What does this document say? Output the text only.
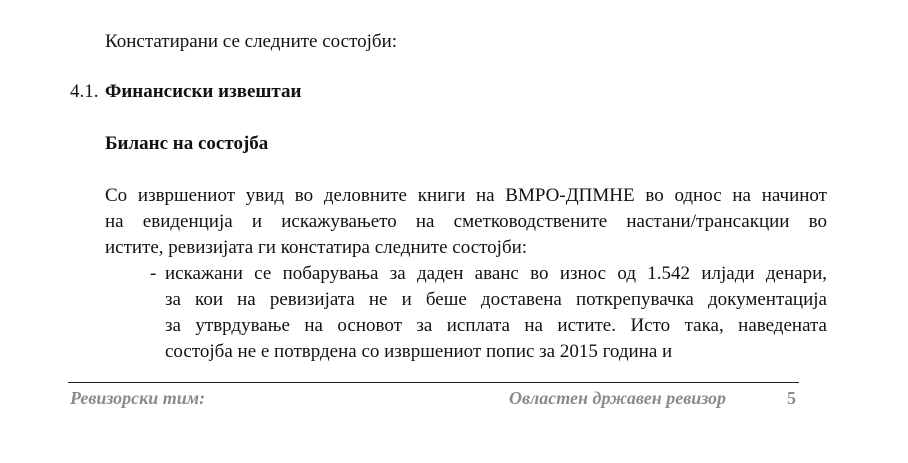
Констатирани се следните состојби:
4.1. Финансиски извештаи
Биланс на состојба
Со извршениот увид во деловните книги на ВМРО-ДПМНЕ во однос на начинот
на евиденција и искажувањето на сметководствените настани/трансакции во
истите, ревизијата ги констатира следните состојби:
- искажани се побарувања за даден аванс во износ од 1.542 илјади денари,
за кои на ревизијата не и беше доставена поткрепувачка документација
за утврдување на основот за исплата на истите. Исто така, наведената
состојба не е потврдена со извршениот попис за 2015 година и
Ревизорски тим:	Овластен државен ревизор	5
